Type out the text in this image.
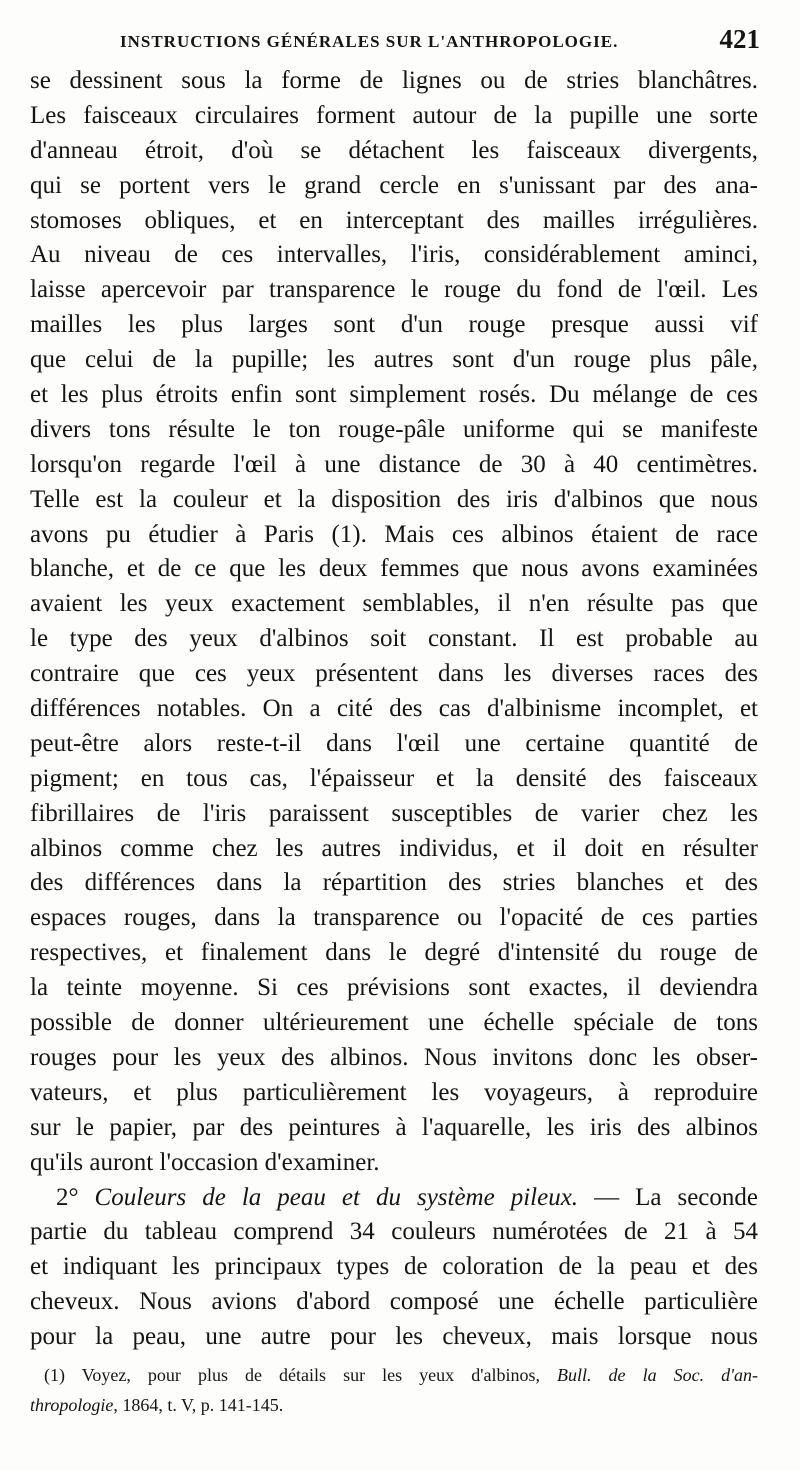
INSTRUCTIONS GÉNÉRALES SUR L'ANTHROPOLOGIE.	421
se dessinent sous la forme de lignes ou de stries blanchâtres.
Les faisceaux circulaires forment autour de la pupille une sorte
d'anneau étroit, d'où se détachent les faisceaux divergents,
qui se portent vers le grand cercle en s'unissant par des ana-
stomoses obliques, et en interceptant des mailles irrégulières.
Au niveau de ces intervalles, l'iris, considérablement aminci,
laisse apercevoir par transparence le rouge du fond de l'œil. Les
mailles les plus larges sont d'un rouge presque aussi vif
que celui de la pupille; les autres sont d'un rouge plus pâle,
et les plus étroits enfin sont simplement rosés. Du mélange de ces
divers tons résulte le ton rouge-pâle uniforme qui se manifeste
lorsqu'on regarde l'œil à une distance de 30 à 40 centimètres.
Telle est la couleur et la disposition des iris d'albinos que nous
avons pu étudier à Paris (1). Mais ces albinos étaient de race
blanche, et de ce que les deux femmes que nous avons examinées
avaient les yeux exactement semblables, il n'en résulte pas que
le type des yeux d'albinos soit constant. Il est probable au
contraire que ces yeux présentent dans les diverses races des
différences notables. On a cité des cas d'albinisme incomplet, et
peut-être alors reste-t-il dans l'œil une certaine quantité de
pigment; en tous cas, l'épaisseur et la densité des faisceaux
fibrillaires de l'iris paraissent susceptibles de varier chez les
albinos comme chez les autres individus, et il doit en résulter
des différences dans la répartition des stries blanches et des
espaces rouges, dans la transparence ou l'opacité de ces parties
respectives, et finalement dans le degré d'intensité du rouge de
la teinte moyenne. Si ces prévisions sont exactes, il deviendra
possible de donner ultérieurement une échelle spéciale de tons
rouges pour les yeux des albinos. Nous invitons donc les obser-
vateurs, et plus particulièrement les voyageurs, à reproduire
sur le papier, par des peintures à l'aquarelle, les iris des albinos
qu'ils auront l'occasion d'examiner.
2° Couleurs de la peau et du système pileux. — La seconde
partie du tableau comprend 34 couleurs numérotées de 21 à 54
et indiquant les principaux types de coloration de la peau et des
cheveux. Nous avions d'abord composé une échelle particulière
pour la peau, une autre pour les cheveux, mais lorsque nous
(1) Voyez, pour plus de détails sur les yeux d'albinos, Bull. de la Soc. d'an-
thropologie, 1864, t. V, p. 141-145.
